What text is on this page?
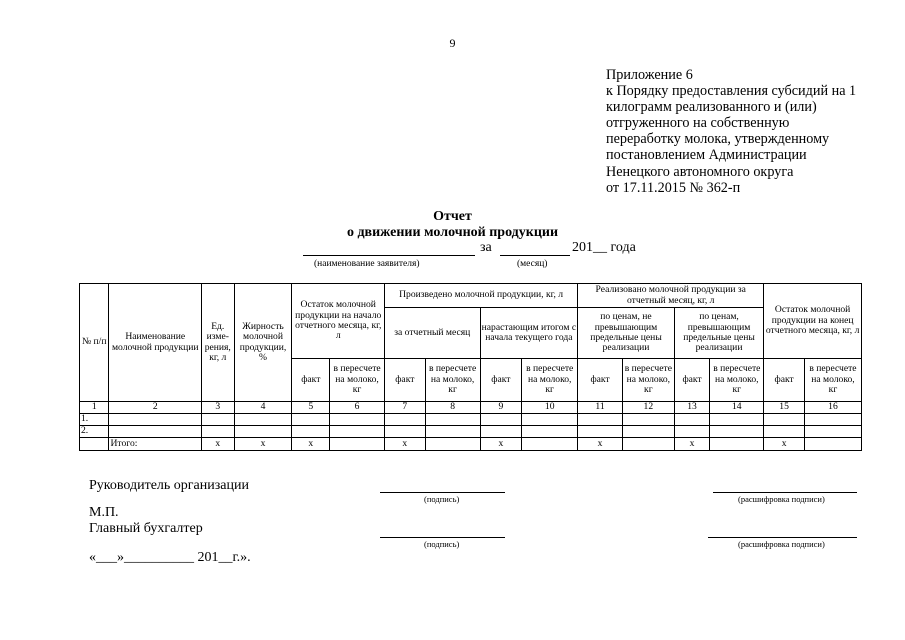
9
Приложение 6
к Порядку предоставления субсидий на 1
килограмм реализованного и (или)
отгруженного на собственную
переработку молока, утвержденному
постановлением Администрации
Ненецкого автономного округа
от 17.11.2015 № 362-п
Отчет
о движении молочной продукции
за	201__ года
(наименование заявителя)	(месяц)
№ п/п	Наименование молочной продукции	Ед. изме-рения, кг, л	Жирность молочной продукции, %	Остаток молочной продукции на начало отчетного месяца, кг, л		Произведено молочной продукции, кг, л				Реализовано молочной продукции за отчетный месяц, кг, л				Остаток молочной продукции на конец отчетного месяца, кг, л	
						за отчетный месяц		нарастающим итогом с начала текущего года		по ценам, не превышающим предельные цены реализации		по ценам, превышающим предельные цены реализации			
				факт	в пересчете на молоко, кг	факт	в пересчете на молоко, кг	факт	в пересчете на молоко, кг	факт	в пересчете на молоко, кг	факт	в пересчете на молоко, кг	факт	в пересчете на молоко, кг
1	2	3	4	5	6	7	8	9	10	11	12	13	14	15	16
1.															
2.															
	Итого:	х	х	х		х		х		х		х		х	
Руководитель организации
(подпись)	(расшифровка подписи)
М.П.
Главный бухгалтер
(подпись)	(расшифровка подписи)
«___»__________ 201__г.».
